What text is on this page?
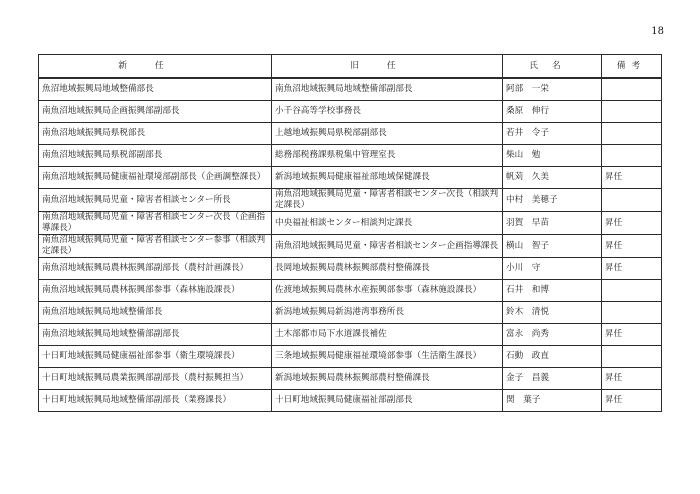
18
新任	旧任	氏名	備考
魚沼地域振興局地域整備部長	南魚沼地域振興局地域整備部副部長	阿部　一栄	
南魚沼地域振興局企画振興部副部長	小千谷高等学校事務長	桑原　伸行	
南魚沼地域振興局県税部長	上越地域振興局県税部副部長	若井　令子	
南魚沼地域振興局県税部副部長	総務部税務課県税集中管理室長	柴山　勉	
南魚沼地域振興局健康福祉環境部副部長（企画調整課長）	新潟地域振興局健康福祉部地域保健課長	帆苅　久美	昇任
南魚沼地域振興局児童・障害者相談センター所長	南魚沼地域振興局児童・障害者相談センター次長（相談判定課長）	中村　美穂子	
南魚沼地域振興局児童・障害者相談センター次長（企画指導課長）	中央福祉相談センター相談判定課長	羽賀　早苗	昇任
南魚沼地域振興局児童・障害者相談センター参事（相談判定課長）	南魚沼地域振興局児童・障害者相談センター企画指導課長	横山　智子	昇任
南魚沼地域振興局農林振興部副部長（農村計画課長）	長岡地域振興局農林振興部農村整備課長	小川　守	昇任
南魚沼地域振興局農林振興部参事（森林施設課長）	佐渡地域振興局農林水産振興部参事（森林施設課長）	石井　和博	
南魚沼地域振興局地域整備部長	新潟地域振興局新潟港湾事務所長	鈴木　清悦	
南魚沼地域振興局地域整備部副部長	土木部都市局下水道課長補佐	富永　尚秀	昇任
十日町地域振興局健康福祉部参事（衛生環境課長）	三条地域振興局健康福祉環境部参事（生活衛生課長）	石動　政直	
十日町地域振興局農業振興部副部長（農村振興担当）	新潟地域振興局農林振興部農村整備課長	金子　昌義	昇任
十日町地域振興局地域整備部副部長（業務課長）	十日町地域振興局健康福祉部副部長	関　葉子	昇任
